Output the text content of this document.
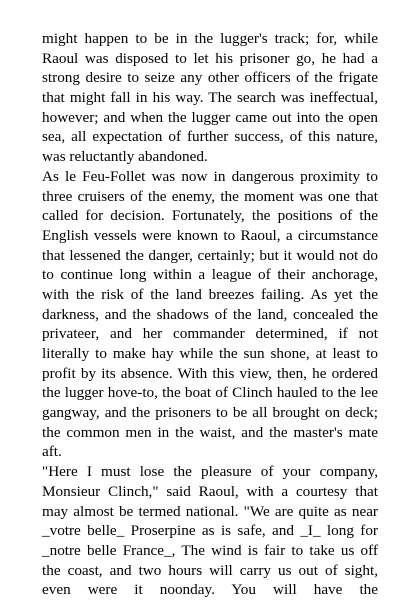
might happen to be in the lugger's track; for, while
Raoul was disposed to let his prisoner go, he had a
strong desire to seize any other officers of the frigate
that might fall in his way. The search was ineffectual,
however; and when the lugger came out into the open
sea, all expectation of further success, of this nature,
was reluctantly abandoned.
As le Feu-Follet was now in dangerous proximity to
three cruisers of the enemy, the moment was one that
called for decision. Fortunately, the positions of the
English vessels were known to Raoul, a circumstance
that lessened the danger, certainly; but it would not do
to continue long within a league of their anchorage,
with the risk of the land breezes failing. As yet the
darkness, and the shadows of the land, concealed the
privateer, and her commander determined, if not
literally to make hay while the sun shone, at least to
profit by its absence. With this view, then, he ordered
the lugger hove-to, the boat of Clinch hauled to the lee
gangway, and the prisoners to be all brought on deck;
the common men in the waist, and the master's mate
aft.
"Here I must lose the pleasure of your company,
Monsieur Clinch," said Raoul, with a courtesy that
may almost be termed national. "We are quite as near
_votre belle_ Proserpine as is safe, and _I_ long for
_notre belle France_, The wind is fair to take us off
the coast, and two hours will carry us out of sight,
even were it noonday. You will have the
